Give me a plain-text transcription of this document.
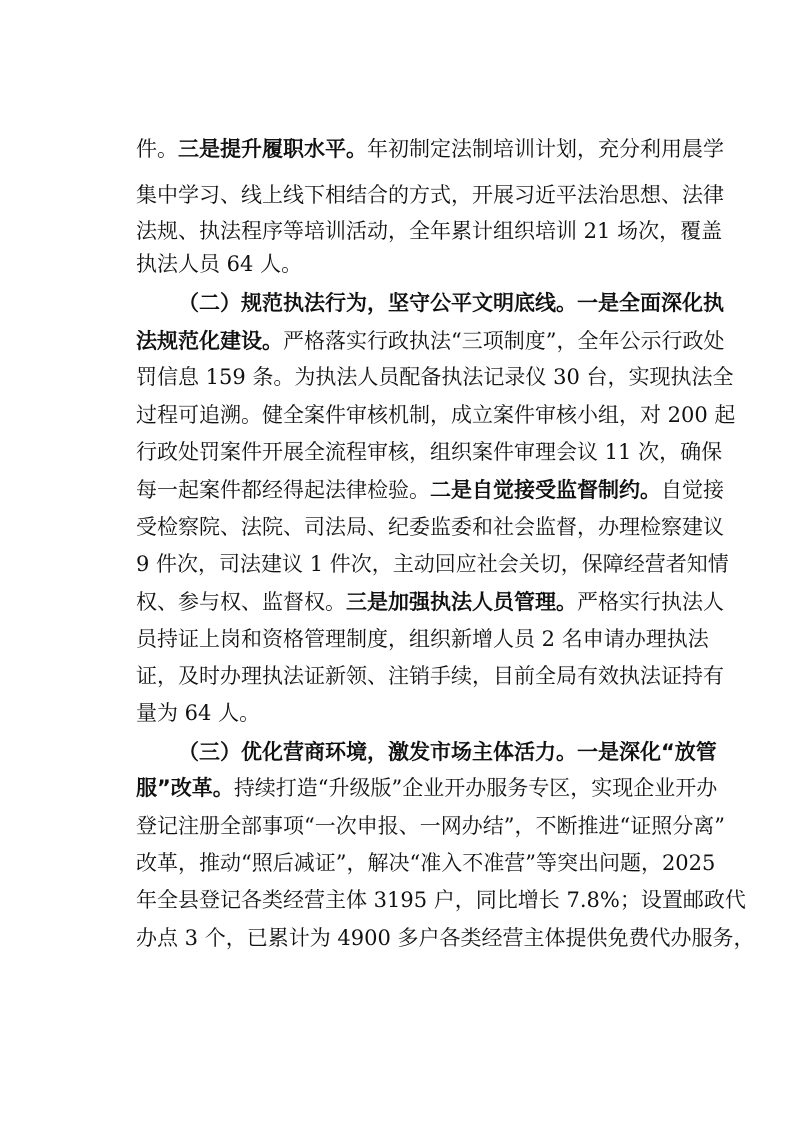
件。三是提升履职水平。年初制定法制培训计划，充分利用晨学
集中学习、线上线下相结合的方式，开展习近平法治思想、法律
法规、执法程序等培训活动，全年累计组织培训 21 场次，覆盖
执法人员 64 人。
（二）规范执法行为，坚守公平文明底线。一是全面深化执
法规范化建设。严格落实行政执法“三项制度”，全年公示行政处
罚信息 159 条。为执法人员配备执法记录仪 30 台，实现执法全
过程可追溯。健全案件审核机制，成立案件审核小组，对 200 起
行政处罚案件开展全流程审核，组织案件审理会议 11 次，确保
每一起案件都经得起法律检验。二是自觉接受监督制约。自觉接
受检察院、法院、司法局、纪委监委和社会监督，办理检察建议
9 件次，司法建议 1 件次，主动回应社会关切，保障经营者知情
权、参与权、监督权。三是加强执法人员管理。严格实行执法人
员持证上岗和资格管理制度，组织新增人员 2 名申请办理执法
证，及时办理执法证新领、注销手续，目前全局有效执法证持有
量为 64 人。
（三）优化营商环境，激发市场主体活力。一是深化“放管
服”改革。持续打造“升级版”企业开办服务专区，实现企业开办
登记注册全部事项“一次申报、一网办结”，不断推进“证照分离”
改革，推动“照后减证”，解决“准入不准营”等突出问题，2025
年全县登记各类经营主体 3195 户，同比增长 7.8%；设置邮政代
办点 3 个，已累计为 4900 多户各类经营主体提供免费代办服务，
